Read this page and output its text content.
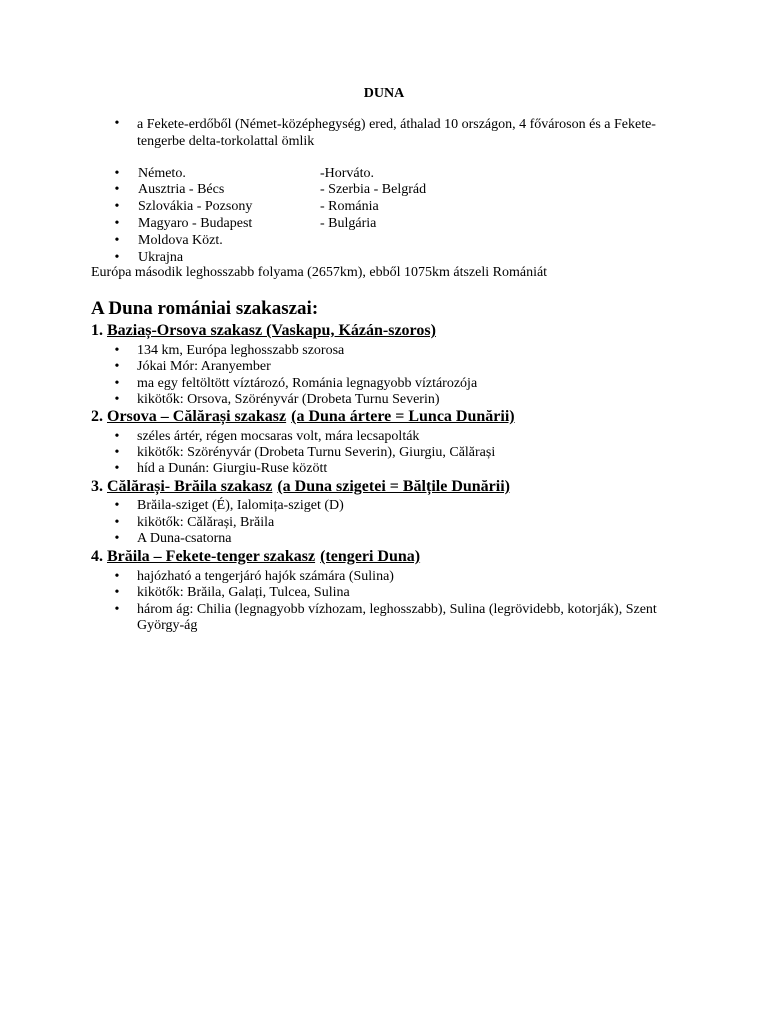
DUNA
• a Fekete-erdőből (Német-középhegység) ered, áthalad 10 országon, 4 fővároson és a Fekete-tengerbe delta-torkolattal ömlik
• Németo.
• Ausztria - Bécs
• Szlovákia - Pozsony
• Magyaro - Budapest
• Moldova Közt.
• Ukrajna
-Horváto.
- Szerbia - Belgrád
- Románia
- Bulgária
Európa második leghosszabb folyama (2657km), ebből 1075km átszeli Romániát
A Duna romániai szakaszai:
1. Baziaș-Orsova szakasz (Vaskapu, Kázán-szoros)
• 134 km, Európa leghosszabb szorosa
• Jókai Mór: Aranyember
• ma egy feltöltött víztározó, Románia legnagyobb víztározója
• kikötők: Orsova, Szörényvár (Drobeta Turnu Severin)
2. Orsova – Călărași szakasz (a Duna ártere = Lunca Dunării)
• széles ártér, régen mocsaras volt, mára lecsapolták
• kikötők: Szörényvár (Drobeta Turnu Severin), Giurgiu, Călărași
• híd a Dunán: Giurgiu-Ruse között
3. Călărași- Brăila szakasz (a Duna szigetei = Bălțile Dunării)
• Brăila-sziget (É), Ialomița-sziget (D)
• kikötők: Călărași, Brăila
• A Duna-csatorna
4. Brăila – Fekete-tenger szakasz (tengeri Duna)
• hajózható a tengerjáró hajók számára (Sulina)
• kikötők: Brăila, Galați, Tulcea, Sulina
• három ág: Chilia (legnagyobb vízhozam, leghosszabb), Sulina (legrövidebb, kotorják), Szent György-ág
